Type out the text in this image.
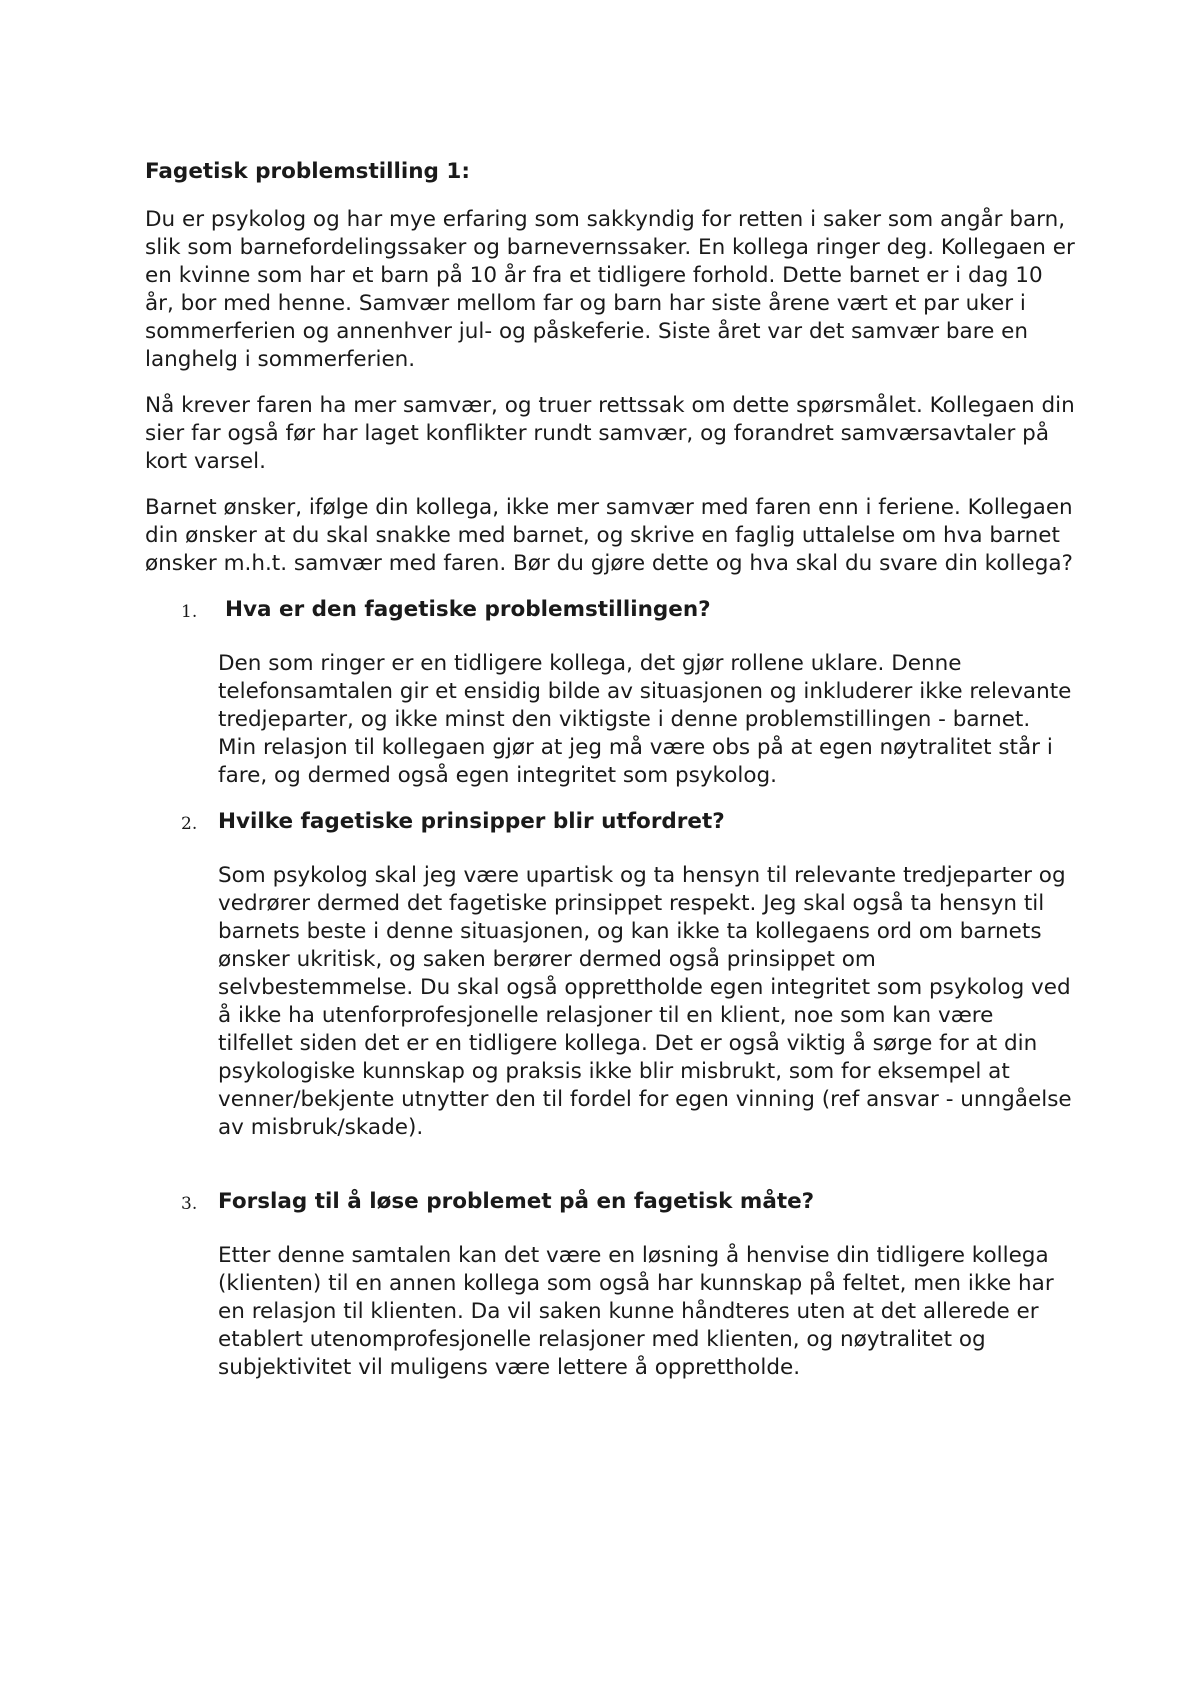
Fagetisk problemstilling 1:

Du er psykolog og har mye erfaring som sakkyndig for retten i saker som angår barn, slik som barnefordelingssaker og barnevernssaker. En kollega ringer deg. Kollegaen er en kvinne som har et barn på 10 år fra et tidligere forhold. Dette barnet er i dag 10 år, bor med henne. Samvær mellom far og barn har siste årene vært et par uker i sommerferien og annenhver jul- og påskeferie. Siste året var det samvær bare en langhelg i sommerferien.

Nå krever faren ha mer samvær, og truer rettssak om dette spørsmålet. Kollegaen din sier far også før har laget konflikter rundt samvær, og forandret samværsavtaler på kort varsel.

Barnet ønsker, ifølge din kollega, ikke mer samvær med faren enn i feriene. Kollegaen din ønsker at du skal snakke med barnet, og skrive en faglig uttalelse om hva barnet ønsker m.h.t. samvær med faren. Bør du gjøre dette og hva skal du svare din kollega?

1.	Hva er den fagetiske problemstillingen?

Den som ringer er en tidligere kollega, det gjør rollene uklare. Denne telefonsamtalen gir et ensidig bilde av situasjonen og inkluderer ikke relevante tredjeparter, og ikke minst den viktigste i denne problemstillingen - barnet. Min relasjon til kollegaen gjør at jeg må være obs på at egen nøytralitet står i fare, og dermed også egen integritet som psykolog.

2. Hvilke fagetiske prinsipper blir utfordret?

Som psykolog skal jeg være upartisk og ta hensyn til relevante tredjeparter og vedrører dermed det fagetiske prinsippet respekt. Jeg skal også ta hensyn til barnets beste i denne situasjonen, og kan ikke ta kollegaens ord om barnets ønsker ukritisk, og saken berører dermed også prinsippet om selvbestemmelse. Du skal også opprettholde egen integritet som psykolog ved å ikke ha utenforprofesjonelle relasjoner til en klient, noe som kan være tilfellet siden det er en tidligere kollega. Det er også viktig å sørge for at din psykologiske kunnskap og praksis ikke blir misbrukt, som for eksempel at venner/bekjente utnytter den til fordel for egen vinning (ref ansvar - unngåelse av misbruk/skade).

3. Forslag til å løse problemet på en fagetisk måte?

Etter denne samtalen kan det være en løsning å henvise din tidligere kollega (klienten) til en annen kollega som også har kunnskap på feltet, men ikke har en relasjon til klienten. Da vil saken kunne håndteres uten at det allerede er etablert utenomprofesjonelle relasjoner med klienten, og nøytralitet og subjektivitet vil muligens være lettere å opprettholde.
